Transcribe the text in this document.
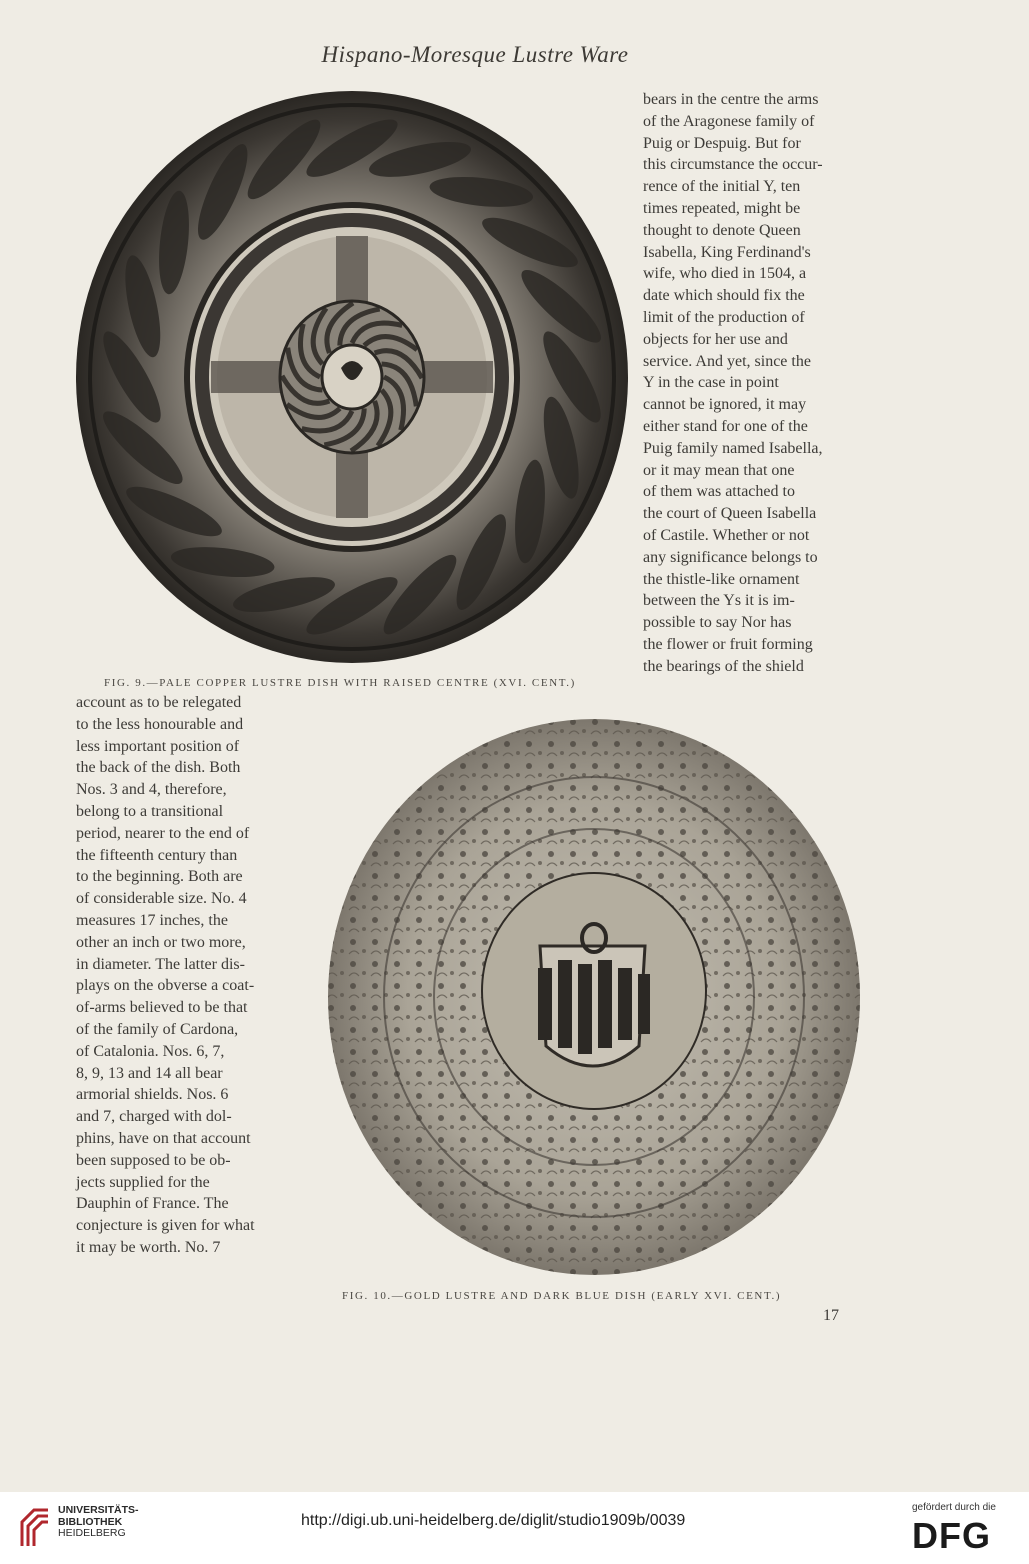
Hispano-Moresque Lustre Ware
FIG. 9.—PALE COPPER LUSTRE DISH WITH RAISED CENTRE (XVI. CENT.)

bears in the centre the arms

of the Aragonese family of

Puig or Despuig. But for

this circumstance the occur-

rence of the initial Y, ten

times repeated, might be

thought to denote Queen

Isabella, King Ferdinand's

wife, who died in 1504, a

date which should fix the

limit of the production of

objects for her use and

service. And yet, since the

Y in the case in point

cannot be ignored, it may

either stand for one of the

Puig family named Isabella,

or it may mean that one

of them was attached to

the court of Queen Isabella

of Castile. Whether or not

any significance belongs to

the thistle-like ornament

between the Ys it is im-

possible to say Nor has

the flower or fruit forming

the bearings of the shield

account as to be relegated

to the less honourable and

less important position of

the back of the dish. Both

Nos. 3 and 4, therefore,

belong to a transitional

period, nearer to the end of

the fifteenth century than

to the beginning. Both are

of considerable size. No. 4

measures 17 inches, the

other an inch or two more,

in diameter. The latter dis-

plays on the obverse a coat-

of-arms believed to be that

of the family of Cardona,

of Catalonia. Nos. 6, 7,

8, 9, 13 and 14 all bear

armorial shields. Nos. 6

and 7, charged with dol-

phins, have on that account

been supposed to be ob-

jects supplied for the

Dauphin of France. The

conjecture is given for what

it may be worth. No. 7

FIG. 10.—GOLD LUSTRE AND DARK BLUE DISH (EARLY XVI. CENT.)
17
UNIVERSITÄTS-
BIBLIOTHEK
HEIDELBERG
http://digi.ub.uni-heidelberg.de/diglit/studio1909b/0039
gefördert durch die
DFG
